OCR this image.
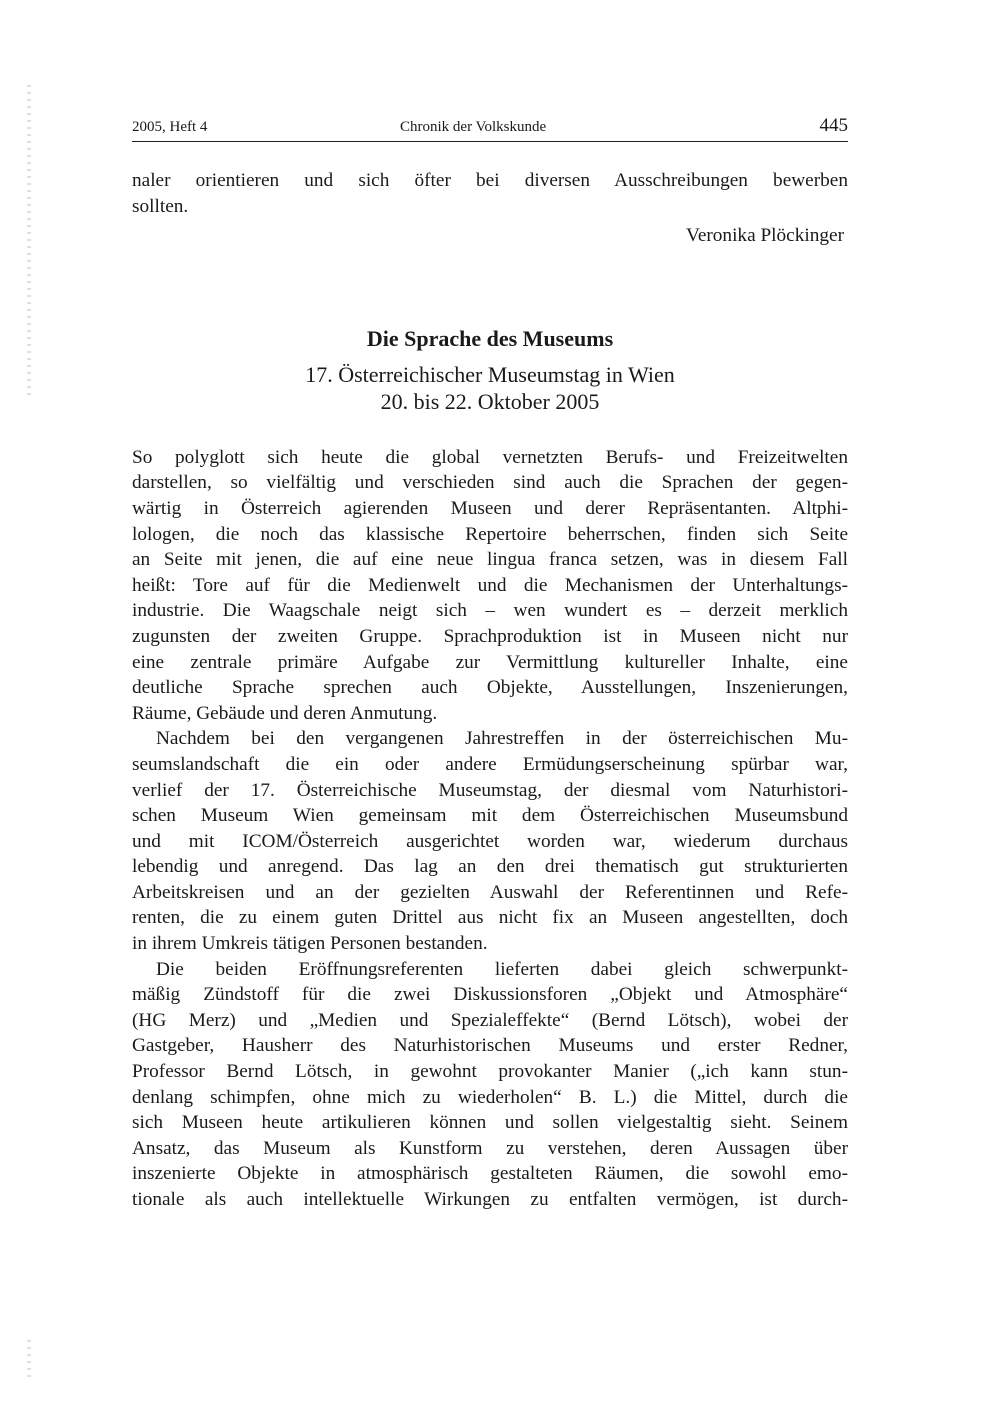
2005, Heft 4	Chronik der Volkskunde	445

naler orientieren und sich öfter bei diversen Ausschreibungen bewerben
sollten.

Veronika Plöckinger
Die Sprache des Museums
17. Österreichischer Museumstag in Wien
20. bis 22. Oktober 2005

So polyglott sich heute die global vernetzten Berufs- und Freizeitwelten
darstellen, so vielfältig und verschieden sind auch die Sprachen der gegen-
wärtig in Österreich agierenden Museen und derer Repräsentanten. Altphi-
lologen, die noch das klassische Repertoire beherrschen, finden sich Seite
an Seite mit jenen, die auf eine neue lingua franca setzen, was in diesem Fall
heißt: Tore auf für die Medienwelt und die Mechanismen der Unterhaltungs-
industrie. Die Waagschale neigt sich – wen wundert es – derzeit merklich
zugunsten der zweiten Gruppe. Sprachproduktion ist in Museen nicht nur
eine zentrale primäre Aufgabe zur Vermittlung kultureller Inhalte, eine
deutliche Sprache sprechen auch Objekte, Ausstellungen, Inszenierungen,
Räume, Gebäude und deren Anmutung.

Nachdem bei den vergangenen Jahrestreffen in der österreichischen Mu-
seumslandschaft die ein oder andere Ermüdungserscheinung spürbar war,
verlief der 17. Österreichische Museumstag, der diesmal vom Naturhistori-
schen Museum Wien gemeinsam mit dem Österreichischen Museumsbund
und mit ICOM/Österreich ausgerichtet worden war, wiederum durchaus
lebendig und anregend. Das lag an den drei thematisch gut strukturierten
Arbeitskreisen und an der gezielten Auswahl der Referentinnen und Refe-
renten, die zu einem guten Drittel aus nicht fix an Museen angestellten, doch
in ihrem Umkreis tätigen Personen bestanden.

Die beiden Eröffnungsreferenten lieferten dabei gleich schwerpunkt-
mäßig Zündstoff für die zwei Diskussionsforen „Objekt und Atmosphäre“
(HG Merz) und „Medien und Spezialeffekte“ (Bernd Lötsch), wobei der
Gastgeber, Hausherr des Naturhistorischen Museums und erster Redner,
Professor Bernd Lötsch, in gewohnt provokanter Manier („ich kann stun-
denlang schimpfen, ohne mich zu wiederholen“ B. L.) die Mittel, durch die
sich Museen heute artikulieren können und sollen vielgestaltig sieht. Seinem
Ansatz, das Museum als Kunstform zu verstehen, deren Aussagen über
inszenierte Objekte in atmosphärisch gestalteten Räumen, die sowohl emo-
tionale als auch intellektuelle Wirkungen zu entfalten vermögen, ist durch-
